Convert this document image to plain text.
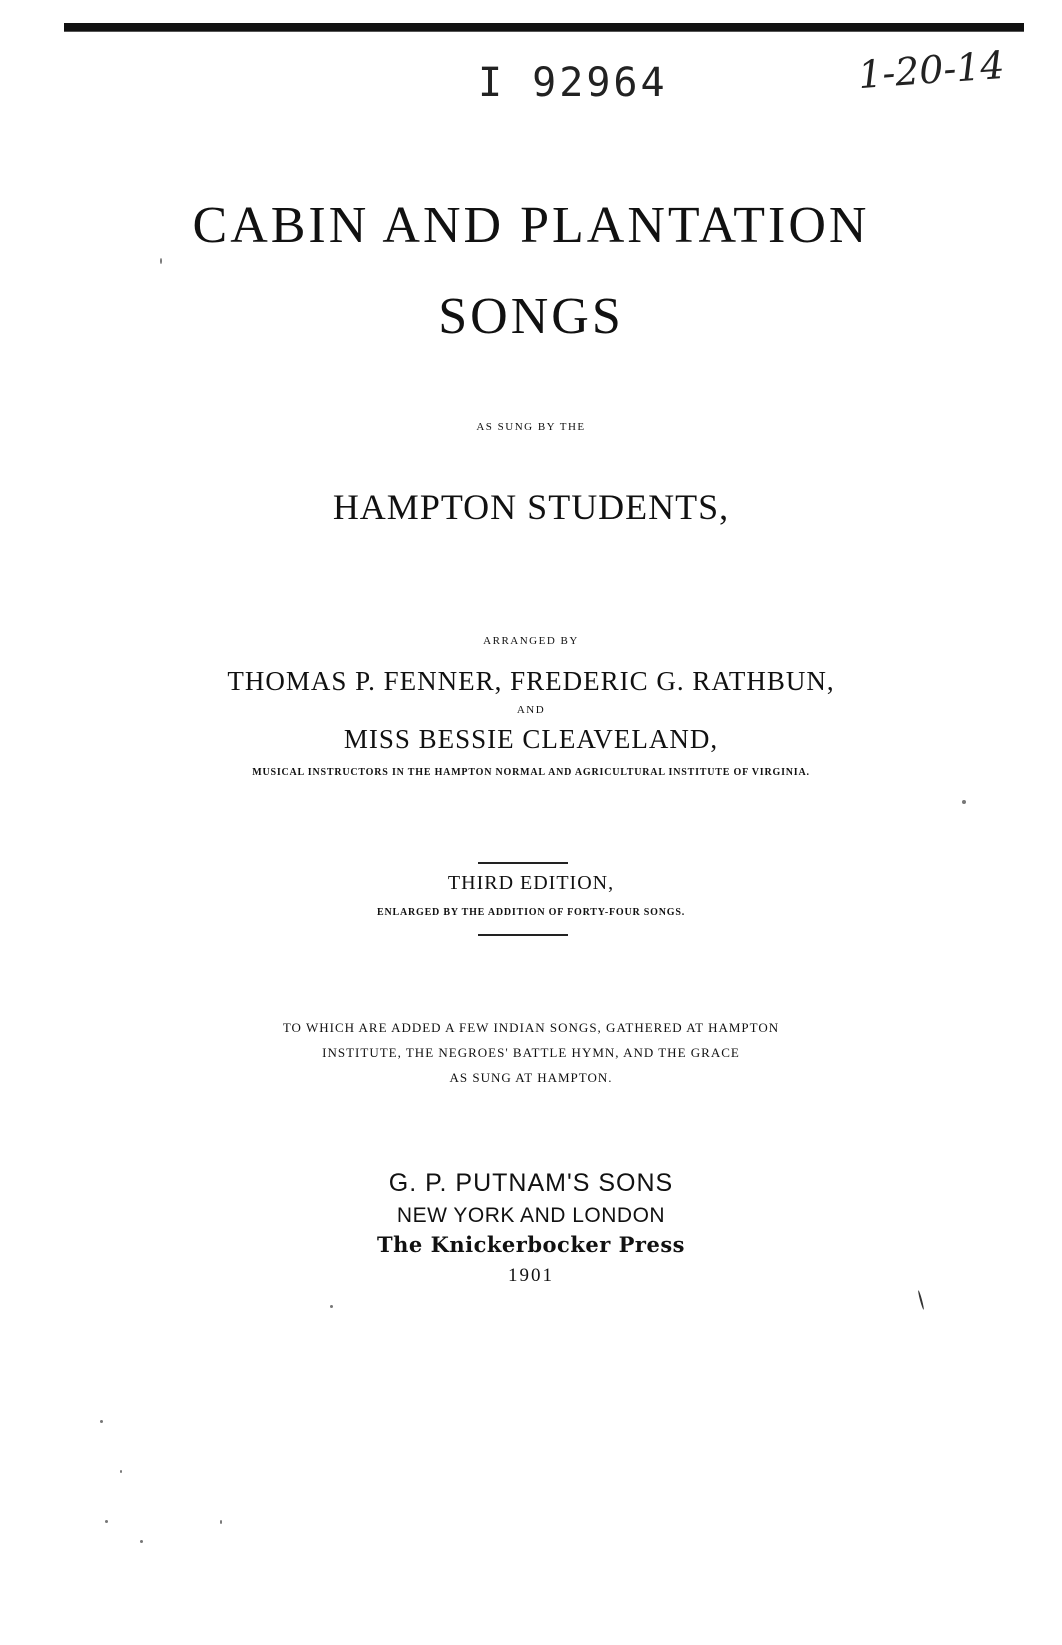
I 92964	1-20-14
CABIN AND PLANTATION
SONGS
AS SUNG BY THE
HAMPTON STUDENTS,
ARRANGED BY
THOMAS P. FENNER, FREDERIC G. RATHBUN,
AND
MISS BESSIE CLEAVELAND,
MUSICAL INSTRUCTORS IN THE HAMPTON NORMAL AND AGRICULTURAL INSTITUTE OF VIRGINIA.
THIRD EDITION,
ENLARGED BY THE ADDITION OF FORTY-FOUR SONGS.
TO WHICH ARE ADDED A FEW INDIAN SONGS, GATHERED AT HAMPTON
INSTITUTE, THE NEGROES' BATTLE HYMN, AND THE GRACE
AS SUNG AT HAMPTON.
G. P. PUTNAM'S SONS
NEW YORK AND LONDON
The Knickerbocker Press
1901
